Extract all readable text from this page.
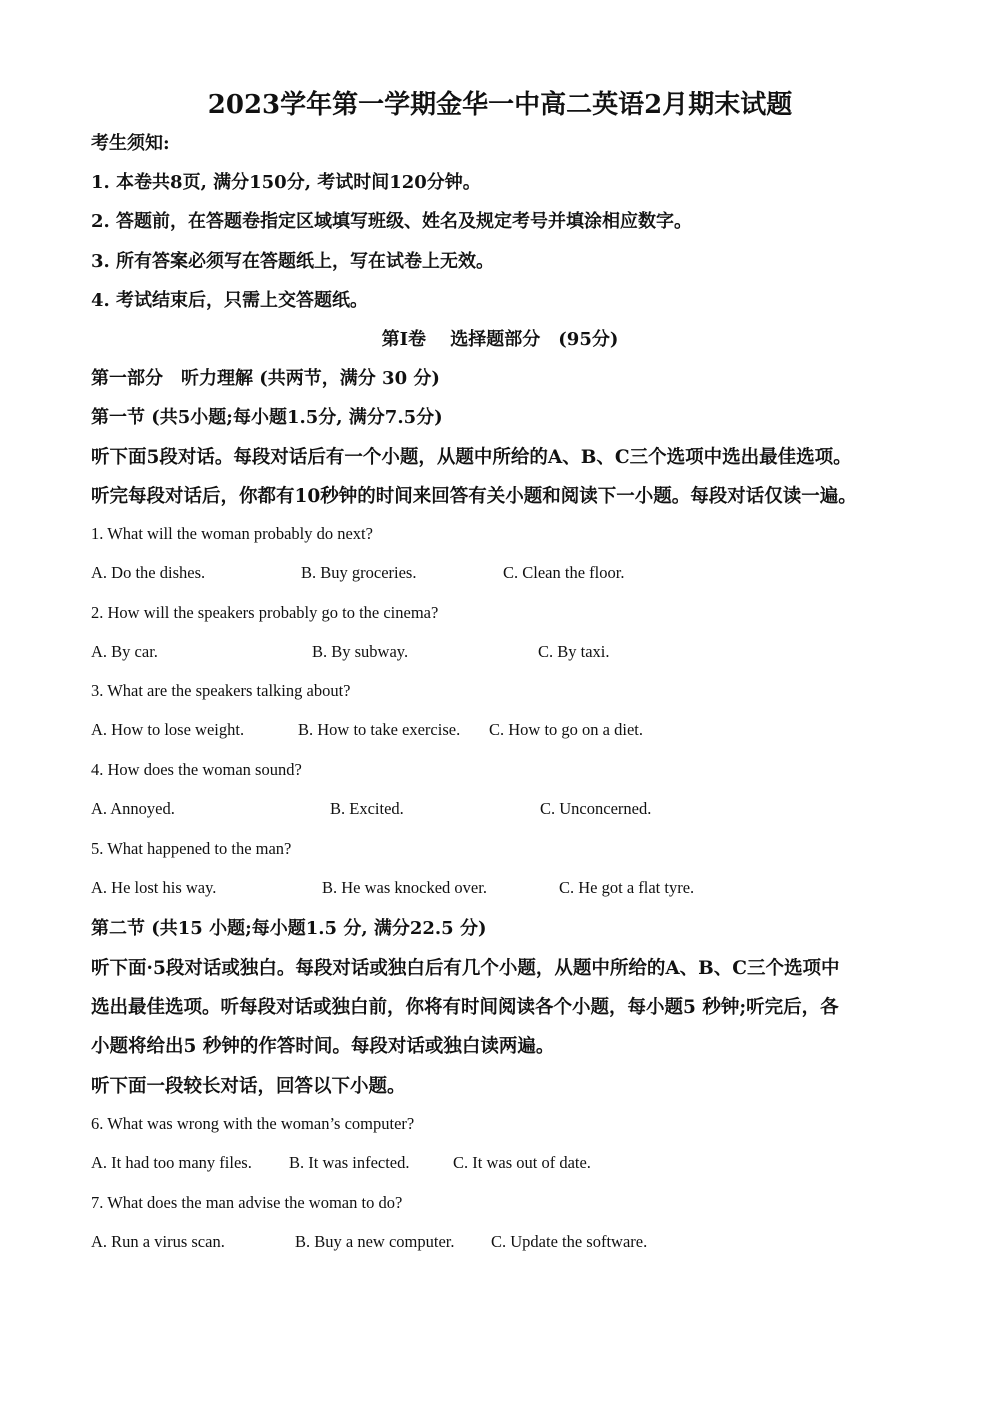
2023学年第一学期金华一中高二英语2月期末试题
考生须知:
1. 本卷共8页, 满分150分, 考试时间120分钟。
2. 答题前，在答题卷指定区域填写班级、姓名及规定考号并填涂相应数字。
3. 所有答案必须写在答题纸上，写在试卷上无效。
4. 考试结束后，只需上交答题纸。
第Ⅰ卷　 选择题部分　(95分)
第一部分　听力理解 (共两节，满分 30 分)
第一节 (共5小题;每小题1.5分, 满分7.5分)
听下面5段对话。每段对话后有一个小题，从题中所给的A、B、C三个选项中选出最佳选项。
听完每段对话后，你都有10秒钟的时间来回答有关小题和阅读下一小题。每段对话仅读一遍。
1. What will the woman probably do next?
A. Do the dishes.	B. Buy groceries.	C. Clean the floor.
2. How will the speakers probably go to the cinema?
A. By car.	B. By subway.	C. By taxi.
3. What are the speakers talking about?
A. How to lose weight.	B. How to take exercise. C. How to go on a diet.
4. How does the woman sound?
A. Annoyed.	B. Excited.	C. Unconcerned.
5. What happened to the man?
A. He lost his way.	B. He was knocked over.	C. He got a flat tyre.
第二节 (共15 小题;每小题1.5 分, 满分22.5 分)
听下面·5段对话或独白。每段对话或独白后有几个小题，从题中所给的A、B、C三个选项中
选出最佳选项。听每段对话或独白前，你将有时间阅读各个小题，每小题5 秒钟;听完后，各
小题将给出5 秒钟的作答时间。每段对话或独白读两遍。
听下面一段较长对话，回答以下小题。
6. What was wrong with the woman’s computer?
A. It had too many files. B. It was infected.	C. It was out of date.
7. What does the man advise the woman to do?
A. Run a virus scan.	B. Buy a new computer. C. Update the software.
